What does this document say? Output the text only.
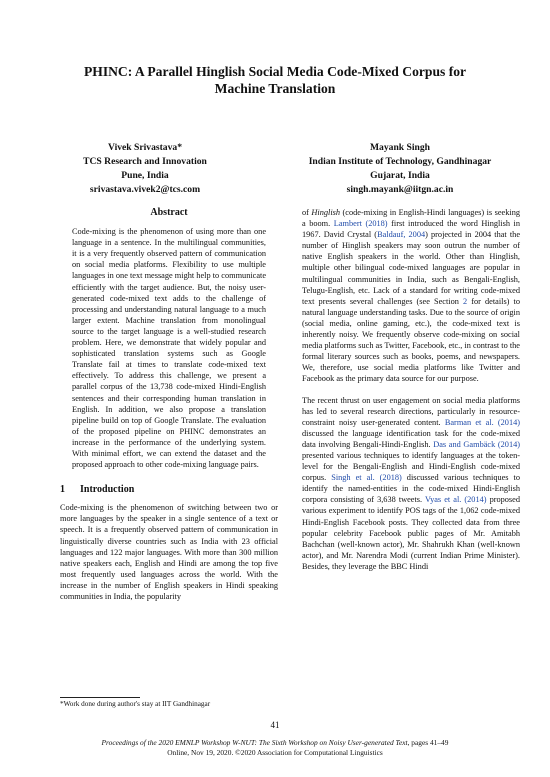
PHINC: A Parallel Hinglish Social Media Code-Mixed Corpus for Machine Translation
Vivek Srivastava*
TCS Research and Innovation
Pune, India
srivastava.vivek2@tcs.com
Mayank Singh
Indian Institute of Technology, Gandhinagar
Gujarat, India
singh.mayank@iitgn.ac.in
Abstract

Code-mixing is the phenomenon of using more than one language in a sentence. In the multilingual communities, it is a very frequently observed pattern of communication on social media platforms. Flexibility to use multiple languages in one text message might help to communicate efficiently with the target audience. But, the noisy user-generated code-mixed text adds to the challenge of processing and understanding natural language to a much larger extent. Machine translation from monolingual source to the target language is a well-studied research problem. Here, we demonstrate that widely popular and sophisticated translation systems such as Google Translate fail at times to translate code-mixed text effectively. To address this challenge, we present a parallel corpus of the 13,738 code-mixed Hindi-English sentences and their corresponding human translation in English. In addition, we also propose a translation pipeline build on top of Google Translate. The evaluation of the proposed pipeline on PHINC demonstrates an increase in the performance of the underlying system. With minimal effort, we can extend the dataset and the proposed approach to other code-mixing language pairs.

1 Introduction

Code-mixing is the phenomenon of switching between two or more languages by the speaker in a single sentence of a text or speech. It is a frequently observed pattern of communication in linguistically diverse countries such as India with 23 official languages and 122 major languages. With more than 300 million native speakers each, English and Hindi are among the top five most frequently used languages across the world. With the increase in the number of English speakers in Hindi speaking communities in India, the popularity

of Hinglish (code-mixing in English-Hindi languages) is seeking a boom. Lambert (2018) first introduced the word Hinglish in 1967. David Crystal (Baldauf, 2004) projected in 2004 that the number of Hinglish speakers may soon outrun the number of native English speakers in the world. Other than Hinglish, multiple other bilingual code-mixed languages are popular in multilingual communities in India, such as Bengali-English, Telugu-English, etc. Lack of a standard for writing code-mixed text presents several challenges (see Section 2 for details) to natural language understanding tasks. Due to the source of origin (social media, online gaming, etc.), the code-mixed text is inherently noisy. We frequently observe code-mixing on social media platforms such as Twitter, Facebook, etc., in contrast to the formal literary sources such as books, poems, and newspapers. We, therefore, use social media platforms like Twitter and Facebook as the primary data source for our purpose.

The recent thrust on user engagement on social media platforms has led to several research directions, particularly in resource-constraint noisy user-generated content. Barman et al. (2014) discussed the language identification task for the code-mixed data involving Bengali-Hindi-English. Das and Gambäck (2014) presented various techniques to identify languages at the token-level for the Bengali-English and Hindi-English code-mixed corpus. Singh et al. (2018) discussed various techniques to identify the named-entities in the code-mixed Hindi-English corpora consisting of 3,638 tweets. Vyas et al. (2014) proposed various experiment to identify POS tags of the 1,062 code-mixed Hindi-English Facebook posts. They collected data from three popular celebrity Facebook public pages of Mr. Amitabh Bachchan (well-known actor), Mr. Shahrukh Khan (well-known actor), and Mr. Narendra Modi (current Indian Prime Minister). Besides, they leverage the BBC Hindi

*Work done during author's stay at IIT Gandhinagar
41
Proceedings of the 2020 EMNLP Workshop W-NUT: The Sixth Workshop on Noisy User-generated Text, pages 41–49
Online, Nov 19, 2020. ©2020 Association for Computational Linguistics
